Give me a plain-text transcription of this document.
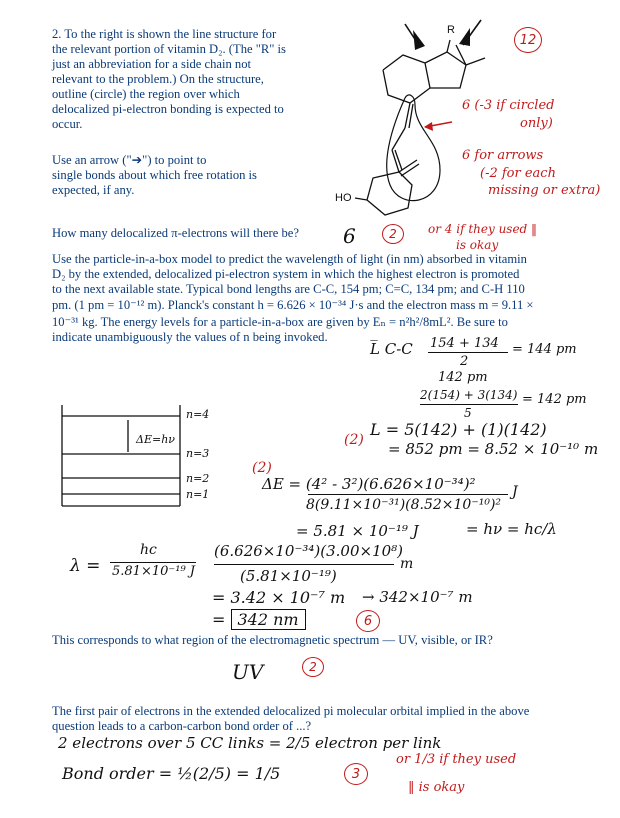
2. To the right is shown the line structure for
the relevant portion of vitamin D₂. (The "R" is
just an abbreviation for a side chain not
relevant to the problem.) On the structure,
outline (circle) the region over which
delocalized pi-electron bonding is expected to
occur.
Use an arrow ("➔") to point to
single bonds about which free rotation is
expected, if any.
R
HO
12
6 (-3 if circled
only)
6 for arrows
(-2 for each
missing or extra)
How many delocalized π-electrons will there be? 6	2	or 4 if they used ‖
is okay
Use the particle-in-a-box model to predict the wavelength of light (in nm) absorbed in vitamin
D₂ by the extended, delocalized pi-electron system in which the highest electron is promoted
to the next available state. Typical bond lengths are C-C, 154 pm; C=C, 134 pm; and C-H 110
pm. (1 pm = 10⁻¹² m). Planck's constant h = 6.626 × 10⁻³⁴ J·s and the electron mass m = 9.11 ×
10⁻³¹ kg. The energy levels for a particle-in-a-box are given by Eₙ = n²h²/8mL². Be sure to
indicate unambiguously the values of n being invoked.
L̅ C-C 154 + 134
2
= 144 pm
142 pm
2(154) + 3(134)
5
= 142 pm
n=4
n=3
n=2
n=1
ΔE=hν
L = 5(142) + (1)(142)
= 852 pm = 8.52 × 10⁻¹⁰ m
(2)
(2)
ΔE = (4² - 3²)(6.626×10⁻³⁴)²	J
8(9.11×10⁻³¹)(8.52×10⁻¹⁰)²
= 5.81 × 10⁻¹⁹ J	= hν = hc/λ
λ =
hc
5.81×10⁻¹⁹ J
(6.626×10⁻³⁴)(3.00×10⁸)
(5.81×10⁻¹⁹)
m
= 3.42 × 10⁻⁷ m → 342×10⁻⁷ m
= 342 nm	6
This corresponds to what region of the electromagnetic spectrum — UV, visible, or IR?
UV	2
The first pair of electrons in the extended delocalized pi molecular orbital implied in the above
question leads to a carbon-carbon bond order of ...?
2 electrons over 5 CC links = 2/5 electron per link
Bond order = ½(2/5) = 1/5	3
or 1/3 if they used
‖ is okay
